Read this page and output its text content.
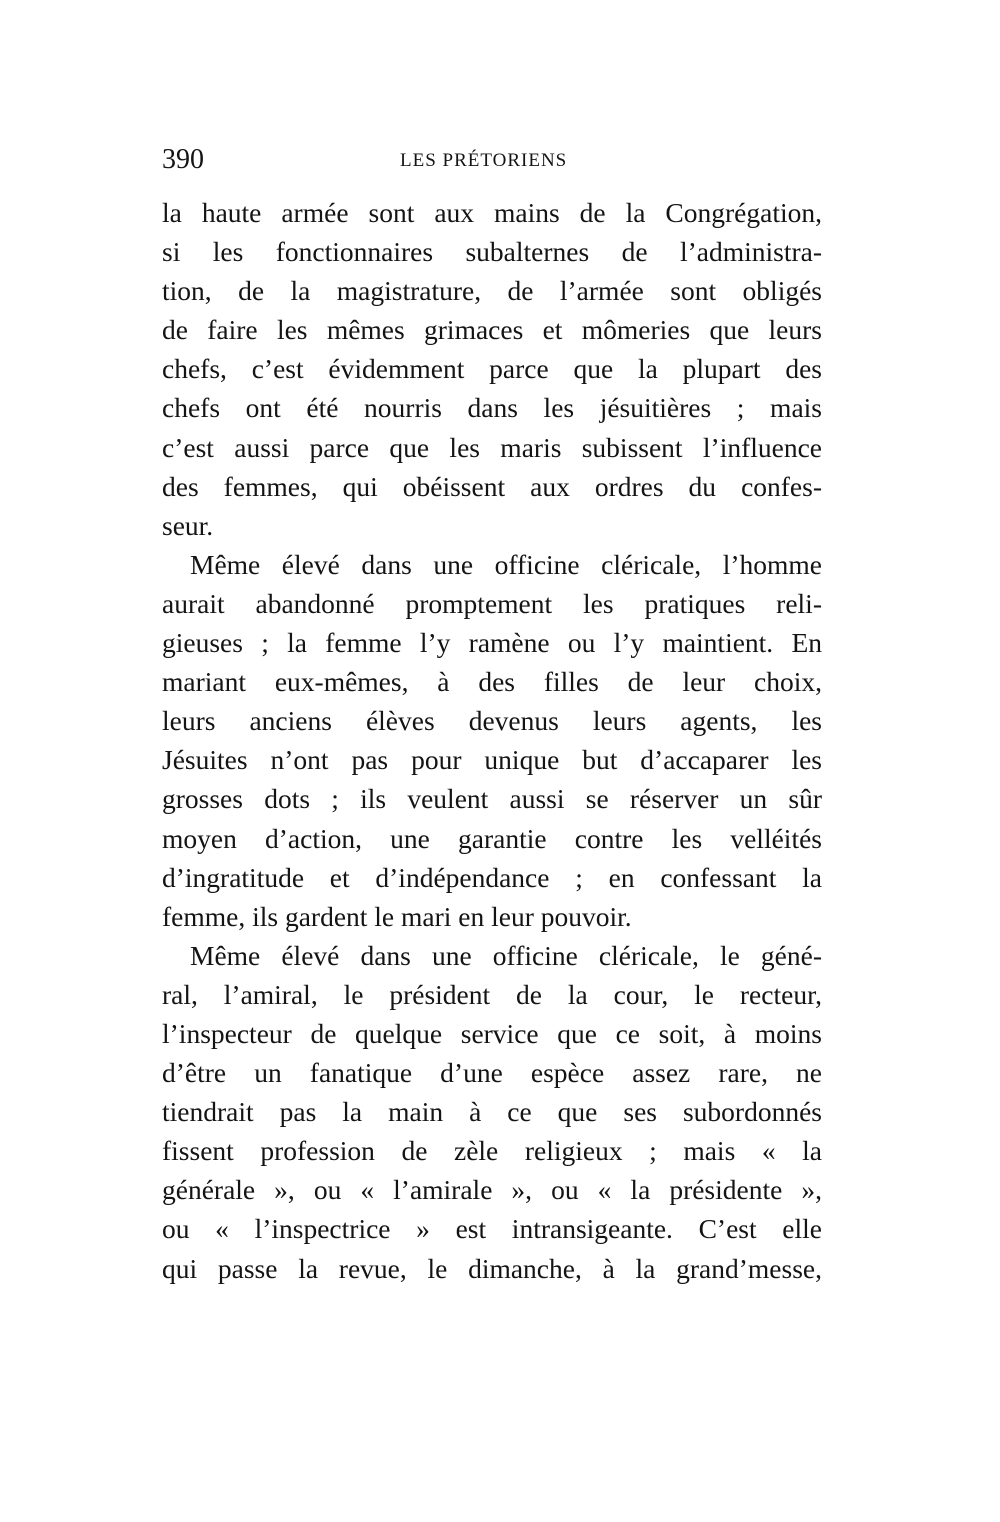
390	LES PRÉTORIENS
la haute armée sont aux mains de la Congrégation,
si les fonctionnaires subalternes de l’administra-
tion, de la magistrature, de l’armée sont obligés
de faire les mêmes grimaces et mômeries que leurs
chefs, c’est évidemment parce que la plupart des
chefs ont été nourris dans les jésuitières ; mais
c’est aussi parce que les maris subissent l’influence
des femmes, qui obéissent aux ordres du confes-
seur.
Même élevé dans une officine cléricale, l’homme
aurait abandonné promptement les pratiques reli-
gieuses ; la femme l’y ramène ou l’y maintient. En
mariant eux-mêmes, à des filles de leur choix,
leurs anciens élèves devenus leurs agents, les
Jésuites n’ont pas pour unique but d’accaparer les
grosses dots ; ils veulent aussi se réserver un sûr
moyen d’action, une garantie contre les velléités
d’ingratitude et d’indépendance ; en confessant la
femme, ils gardent le mari en leur pouvoir.
Même élevé dans une officine cléricale, le géné-
ral, l’amiral, le président de la cour, le recteur,
l’inspecteur de quelque service que ce soit, à moins
d’être un fanatique d’une espèce assez rare, ne
tiendrait pas la main à ce que ses subordonnés
fissent profession de zèle religieux ; mais « la
générale », ou « l’amirale », ou « la présidente »,
ou « l’inspectrice » est intransigeante. C’est elle
qui passe la revue, le dimanche, à la grand’messe,
